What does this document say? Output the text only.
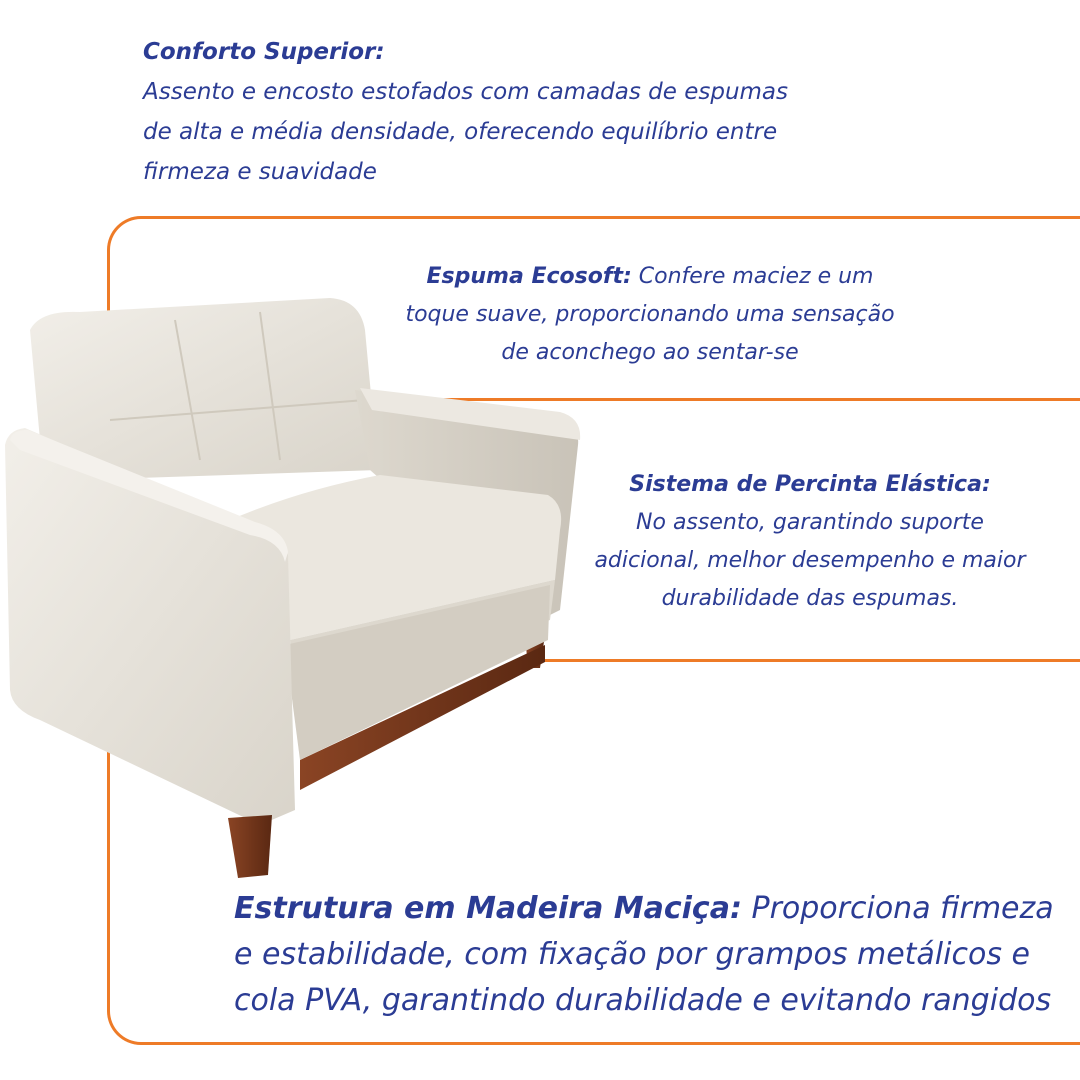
Conforto Superior:
Assento e encosto estofados com camadas de espumas de alta e média densidade, oferecendo equilíbrio entre firmeza e suavidade
Espuma Ecosoft: Confere maciez e um toque suave, proporcionando uma sensação de aconchego ao sentar-se
Sistema de Percinta Elástica:
No assento, garantindo suporte adicional, melhor desempenho e maior durabilidade das espumas.
Estrutura em Madeira Maciça: Proporciona firmeza e estabilidade, com fixação por grampos metálicos e cola PVA, garantindo durabilidade e evitando rangidos
